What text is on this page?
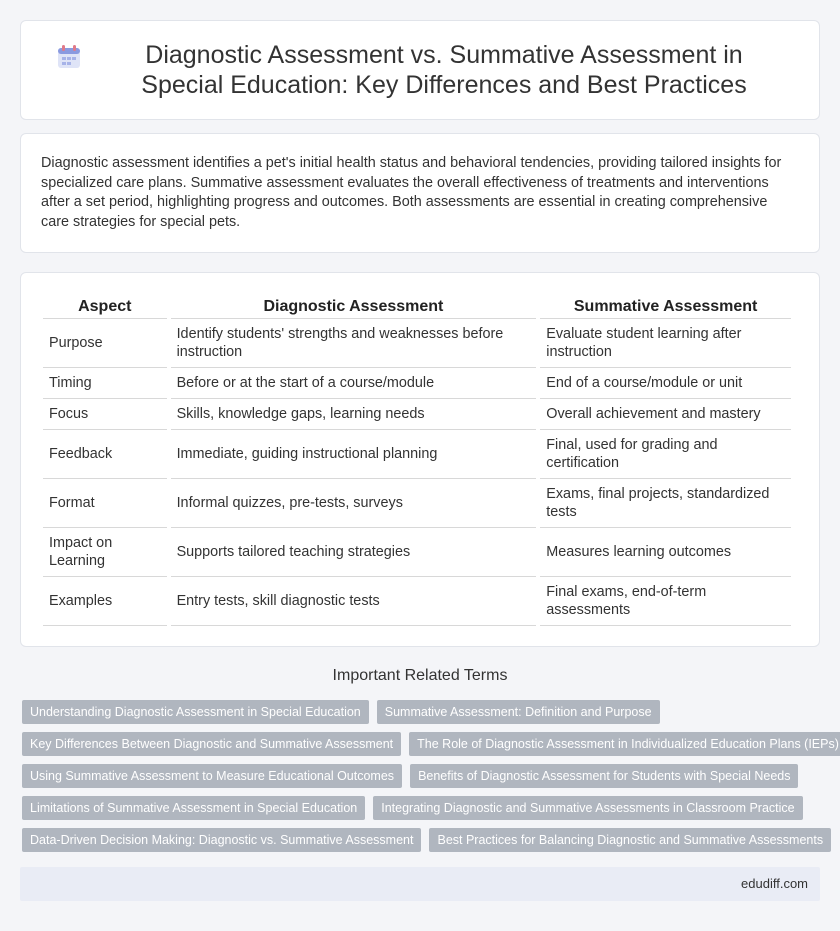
Diagnostic Assessment vs. Summative Assessment in Special Education: Key Differences and Best Practices

Diagnostic assessment identifies a pet's initial health status and behavioral tendencies, providing tailored insights for specialized care plans. Summative assessment evaluates the overall effectiveness of treatments and interventions after a set period, highlighting progress and outcomes. Both assessments are essential in creating comprehensive care strategies for special pets.

Aspect	Diagnostic Assessment	Summative Assessment
Purpose	Identify students' strengths and weaknesses before instruction	Evaluate student learning after instruction
Timing	Before or at the start of a course/module	End of a course/module or unit
Focus	Skills, knowledge gaps, learning needs	Overall achievement and mastery
Feedback	Immediate, guiding instructional planning	Final, used for grading and certification
Format	Informal quizzes, pre-tests, surveys	Exams, final projects, standardized tests
Impact on Learning	Supports tailored teaching strategies	Measures learning outcomes
Examples	Entry tests, skill diagnostic tests	Final exams, end-of-term assessments
Important Related Terms
Understanding Diagnostic Assessment in Special Education	Summative Assessment: Definition and Purpose
Key Differences Between Diagnostic and Summative Assessment	The Role of Diagnostic Assessment in Individualized Education Plans (IEPs)
Using Summative Assessment to Measure Educational Outcomes	Benefits of Diagnostic Assessment for Students with Special Needs
Limitations of Summative Assessment in Special Education	Integrating Diagnostic and Summative Assessments in Classroom Practice
Data-Driven Decision Making: Diagnostic vs. Summative Assessment	Best Practices for Balancing Diagnostic and Summative Assessments
edudiff.com
